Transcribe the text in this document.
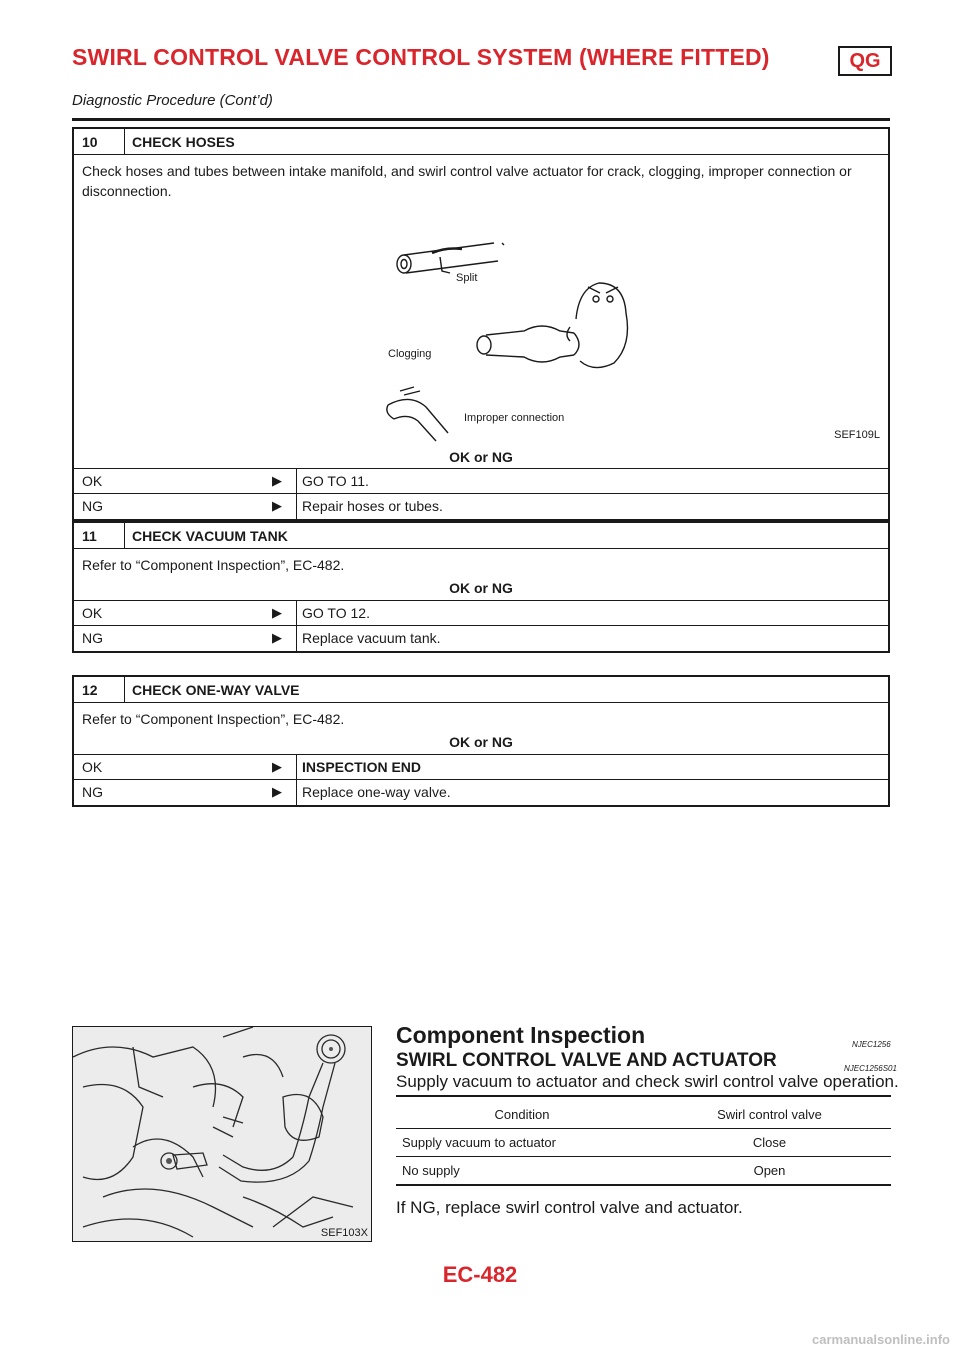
SWIRL CONTROL VALVE CONTROL SYSTEM (WHERE FITTED)	QG
Diagnostic Procedure (Cont’d)
10 CHECK HOSES
Check hoses and tubes between intake manifold, and swirl control valve actuator for crack, clogging, improper connection or disconnection.
Split
Clogging
Improper connection
SEF109L
OK or NG
OK	▶ GO TO 11.
NG	▶ Repair hoses or tubes.
11	CHECK VACUUM TANK
Refer to “Component Inspection”, EC-482.
OK or NG
OK	▶ GO TO 12.
NG	▶ Replace vacuum tank.
12 CHECK ONE-WAY VALVE
Refer to “Component Inspection”, EC-482.
OK or NG
OK	▶ INSPECTION END
NG	▶ Replace one-way valve.
SEF103X
Component Inspection	NJEC1256
SWIRL CONTROL VALVE AND ACTUATOR	NJEC1256S01
Supply vacuum to actuator and check swirl control valve operation.
Condition	Swirl control valve
Supply vacuum to actuator	Close
No supply	Open
If NG, replace swirl control valve and actuator.
EC-482
carmanualsonline.info
